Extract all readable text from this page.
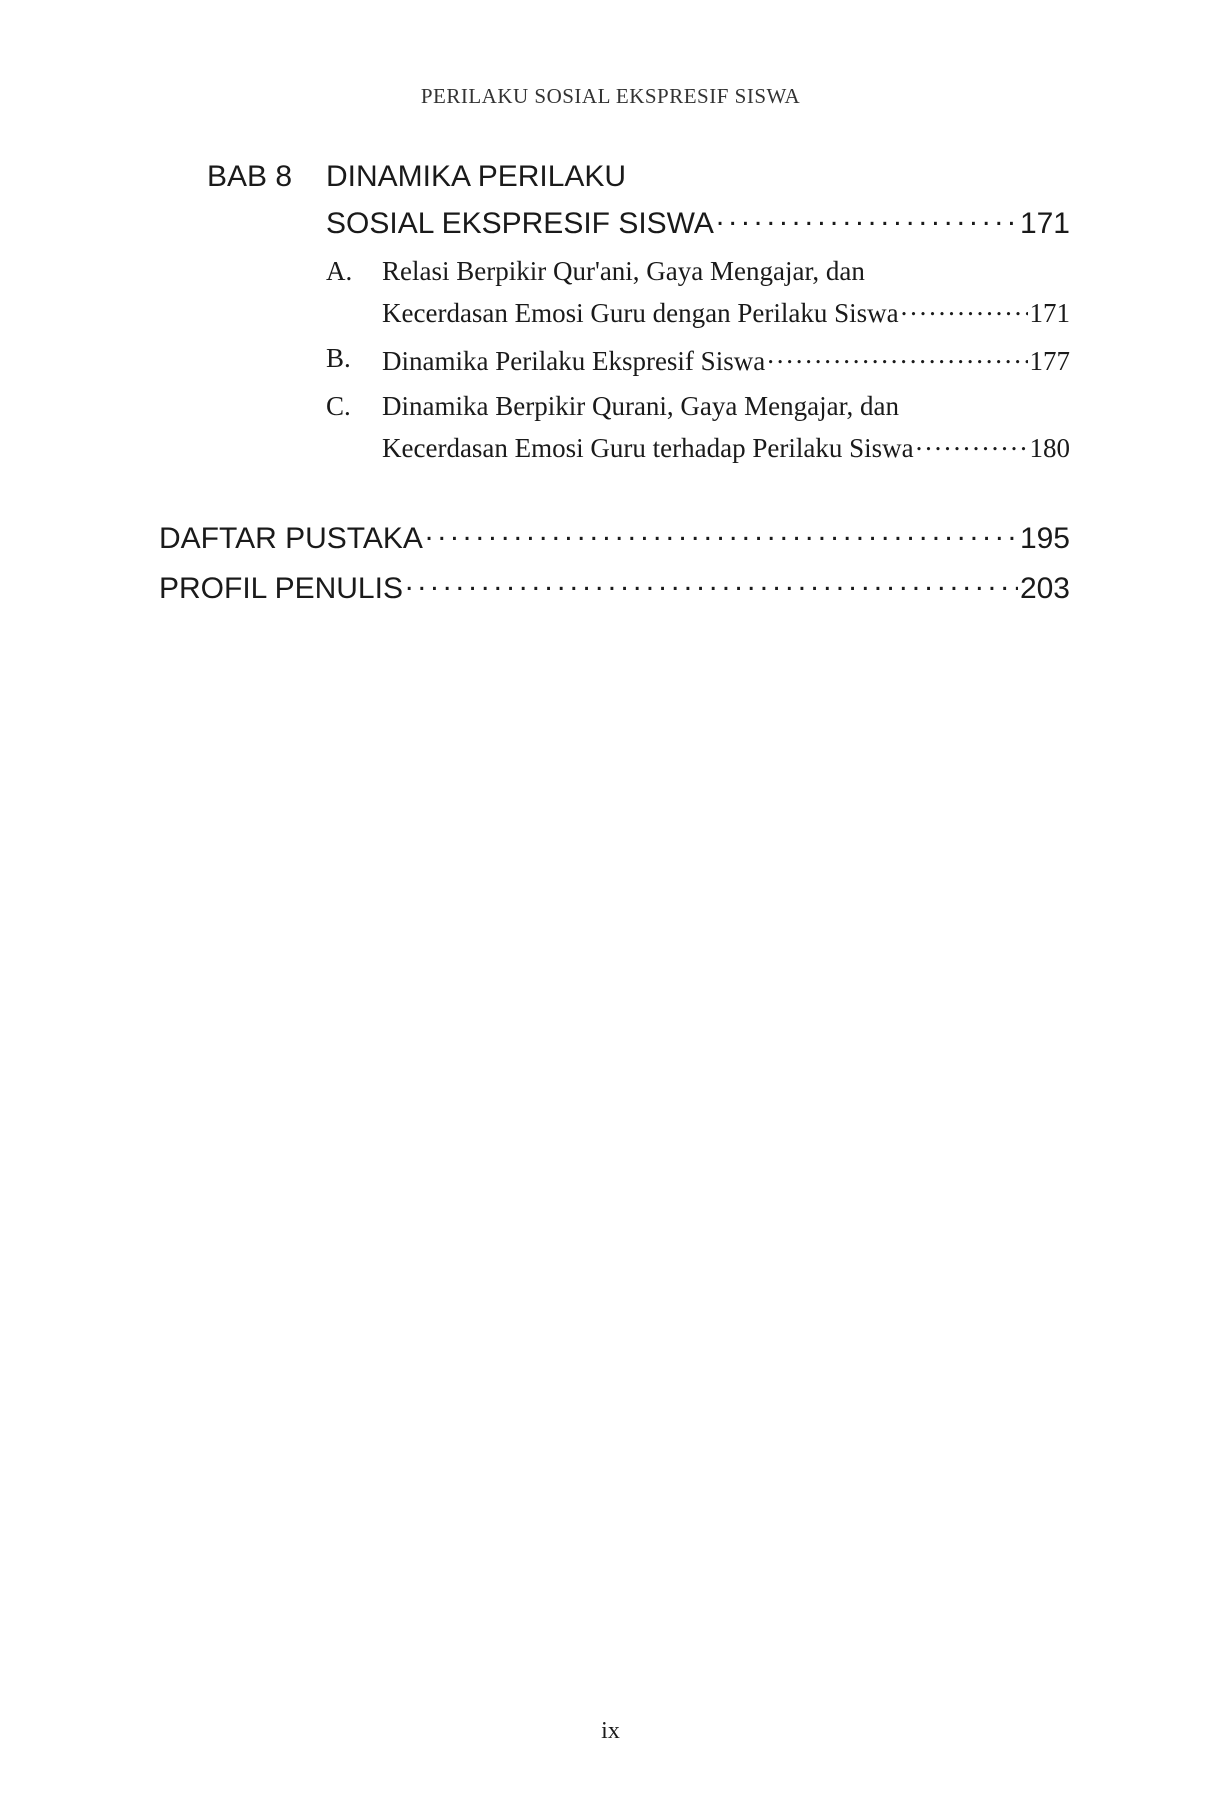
PERILAKU SOSIAL EKSPRESIF SISWA
BAB 8 DINAMIKA PERILAKU
SOSIAL EKSPRESIF SISWA . . .	171
A. Relasi Berpikir Qur'ani, Gaya Mengajar, dan
Kecerdasan Emosi Guru dengan Perilaku Siswa . . .	171
B. Dinamika Perilaku Ekspresif Siswa . . .	177
C. Dinamika Berpikir Qurani, Gaya Mengajar, dan
Kecerdasan Emosi Guru terhadap Perilaku Siswa . . .	180
DAFTAR PUSTAKA . . .	195
PROFIL PENULIS . . .	203
ix
